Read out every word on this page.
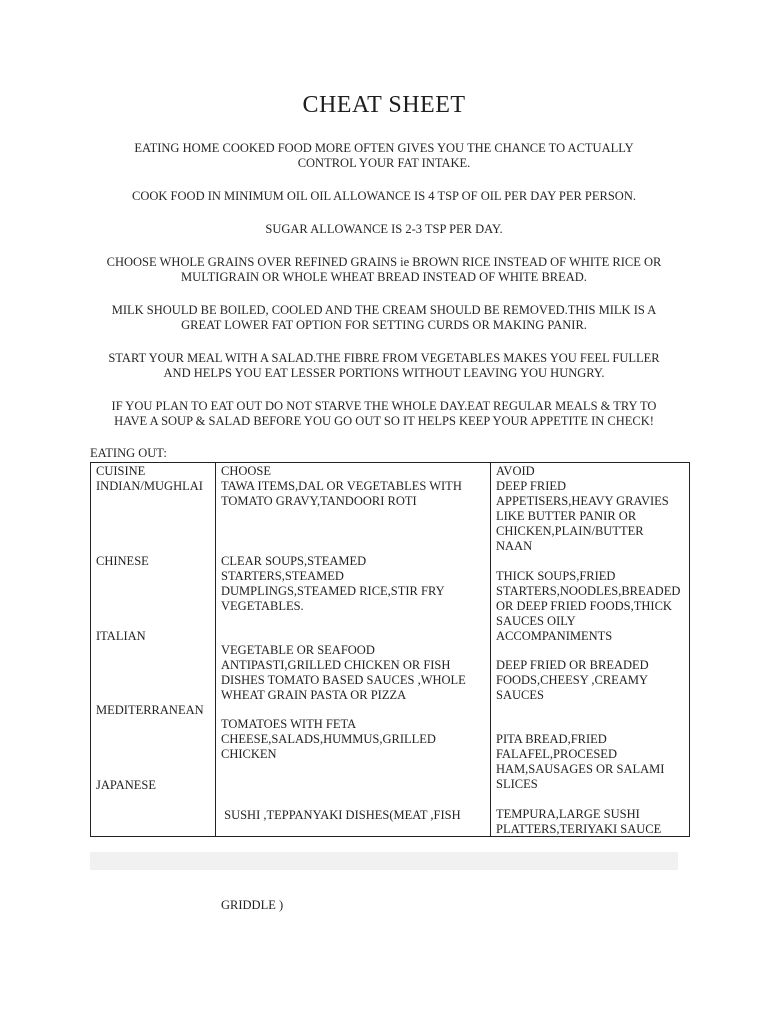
CHEAT SHEET
EATING HOME COOKED FOOD MORE OFTEN GIVES YOU THE CHANCE TO ACTUALLY
CONTROL YOUR FAT INTAKE.
COOK FOOD IN MINIMUM OIL OIL ALLOWANCE IS 4 TSP OF OIL PER DAY PER PERSON.
SUGAR ALLOWANCE IS 2-3 TSP PER DAY.
CHOOSE WHOLE GRAINS OVER REFINED GRAINS ie BROWN RICE INSTEAD OF WHITE RICE OR
MULTIGRAIN OR WHOLE WHEAT BREAD INSTEAD OF WHITE BREAD.
MILK SHOULD BE BOILED, COOLED AND THE CREAM SHOULD BE REMOVED.THIS MILK IS A
GREAT LOWER FAT OPTION FOR SETTING CURDS OR MAKING PANIR.
START YOUR MEAL WITH A SALAD.THE FIBRE FROM VEGETABLES MAKES YOU FEEL FULLER
AND HELPS YOU EAT LESSER PORTIONS WITHOUT LEAVING YOU HUNGRY.
IF YOU PLAN TO EAT OUT DO NOT STARVE THE WHOLE DAY.EAT REGULAR MEALS & TRY TO
HAVE A SOUP & SALAD BEFORE YOU GO OUT SO IT HELPS KEEP YOUR APPETITE IN CHECK!
EATING OUT:
CUISINE
INDIAN/MUGHLAI
CHINESE
ITALIAN
MEDITERRANEAN
JAPANESE
CHOOSE
TAWA ITEMS,DAL OR VEGETABLES WITH
TOMATO GRAVY,TANDOORI ROTI
CLEAR SOUPS,STEAMED
STARTERS,STEAMED
DUMPLINGS,STEAMED RICE,STIR FRY
VEGETABLES.
VEGETABLE OR SEAFOOD
ANTIPASTI,GRILLED CHICKEN OR FISH
DISHES TOMATO BASED SAUCES ,WHOLE
WHEAT GRAIN PASTA OR PIZZA
TOMATOES WITH FETA
CHEESE,SALADS,HUMMUS,GRILLED
CHICKEN

SUSHI ,TEPPANYAKI DISHES(MEAT ,FISH

GRIDDLE )

AVOID
DEEP FRIED
APPETISERS,HEAVY GRAVIES
LIKE BUTTER PANIR OR
CHICKEN,PLAIN/BUTTER
NAAN
THICK SOUPS,FRIED
STARTERS,NOODLES,BREADED
OR DEEP FRIED FOODS,THICK
SAUCES OILY
ACCOMPANIMENTS
DEEP FRIED OR BREADED
FOODS,CHEESY ,CREAMY
SAUCES
PITA BREAD,FRIED
FALAFEL,PROCESED
HAM,SAUSAGES OR SALAMI
SLICES
TEMPURA,LARGE SUSHI
PLATTERS,TERIYAKI SAUCE
